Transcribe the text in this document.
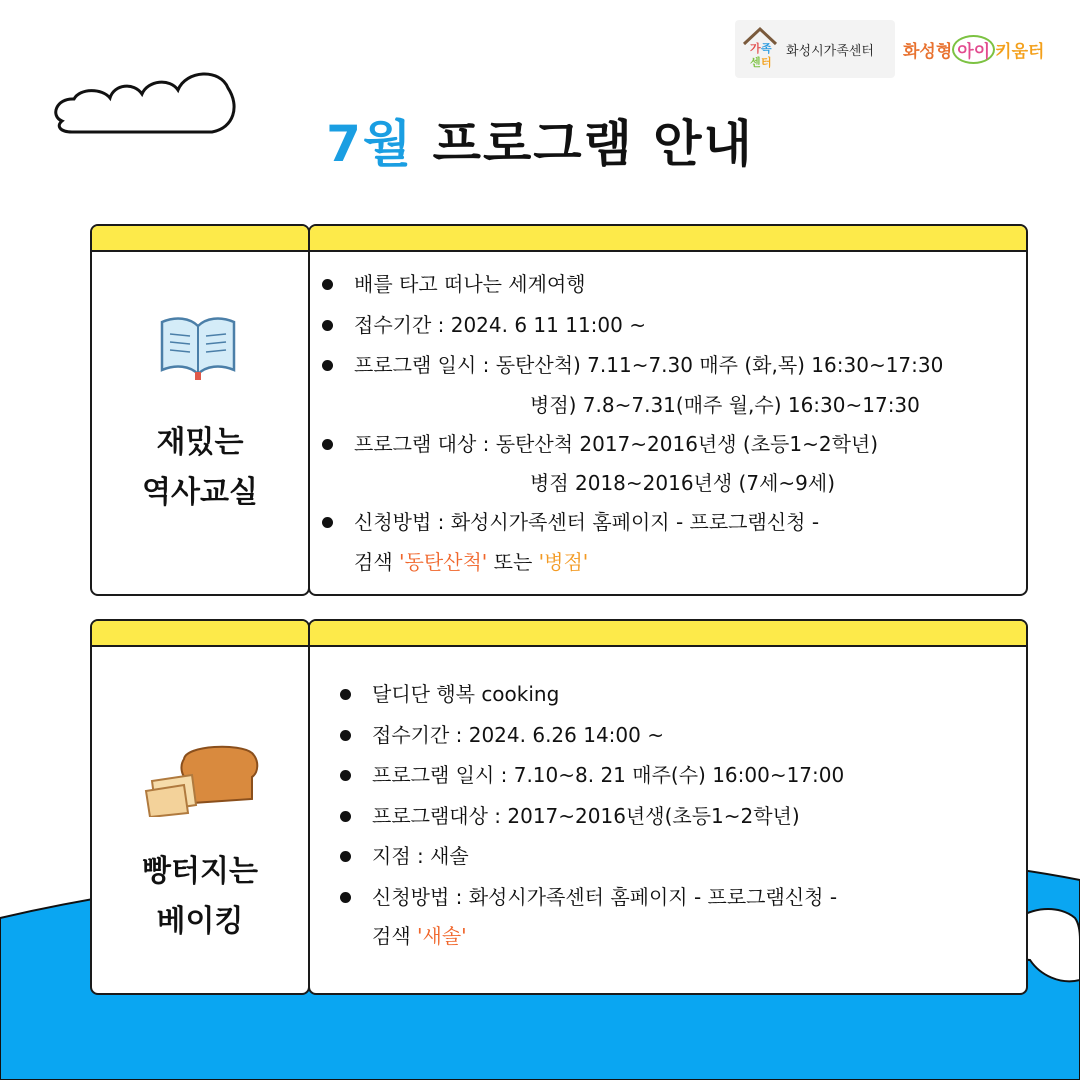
가 족
센 터
화성시가족센터 화성형 아이 키움터
7월 프로그램 안내
재밌는
역사교실
배를 타고 떠나는 세계여행
접수기간 : 2024. 6 11 11:00 ~
프로그램 일시 : 동탄산척) 7.11~7.30 매주 (화,목) 16:30~17:30
병점) 7.8~7.31(매주 월,수) 16:30~17:30
프로그램 대상 : 동탄산척 2017~2016년생 (초등1~2학년)
병점 2018~2016년생 (7세~9세)
신청방법 : 화성시가족센터 홈페이지 - 프로그램신청 -
검색 '동탄산척' 또는 '병점'
빵터지는
베이킹
달디단 행복 cooking
접수기간 : 2024. 6.26 14:00 ~
프로그램 일시 : 7.10~8. 21 매주(수) 16:00~17:00
프로그램대상 : 2017~2016년생(초등1~2학년)
지점 : 새솔
신청방법 : 화성시가족센터 홈페이지 - 프로그램신청 -
검색 '새솔'
